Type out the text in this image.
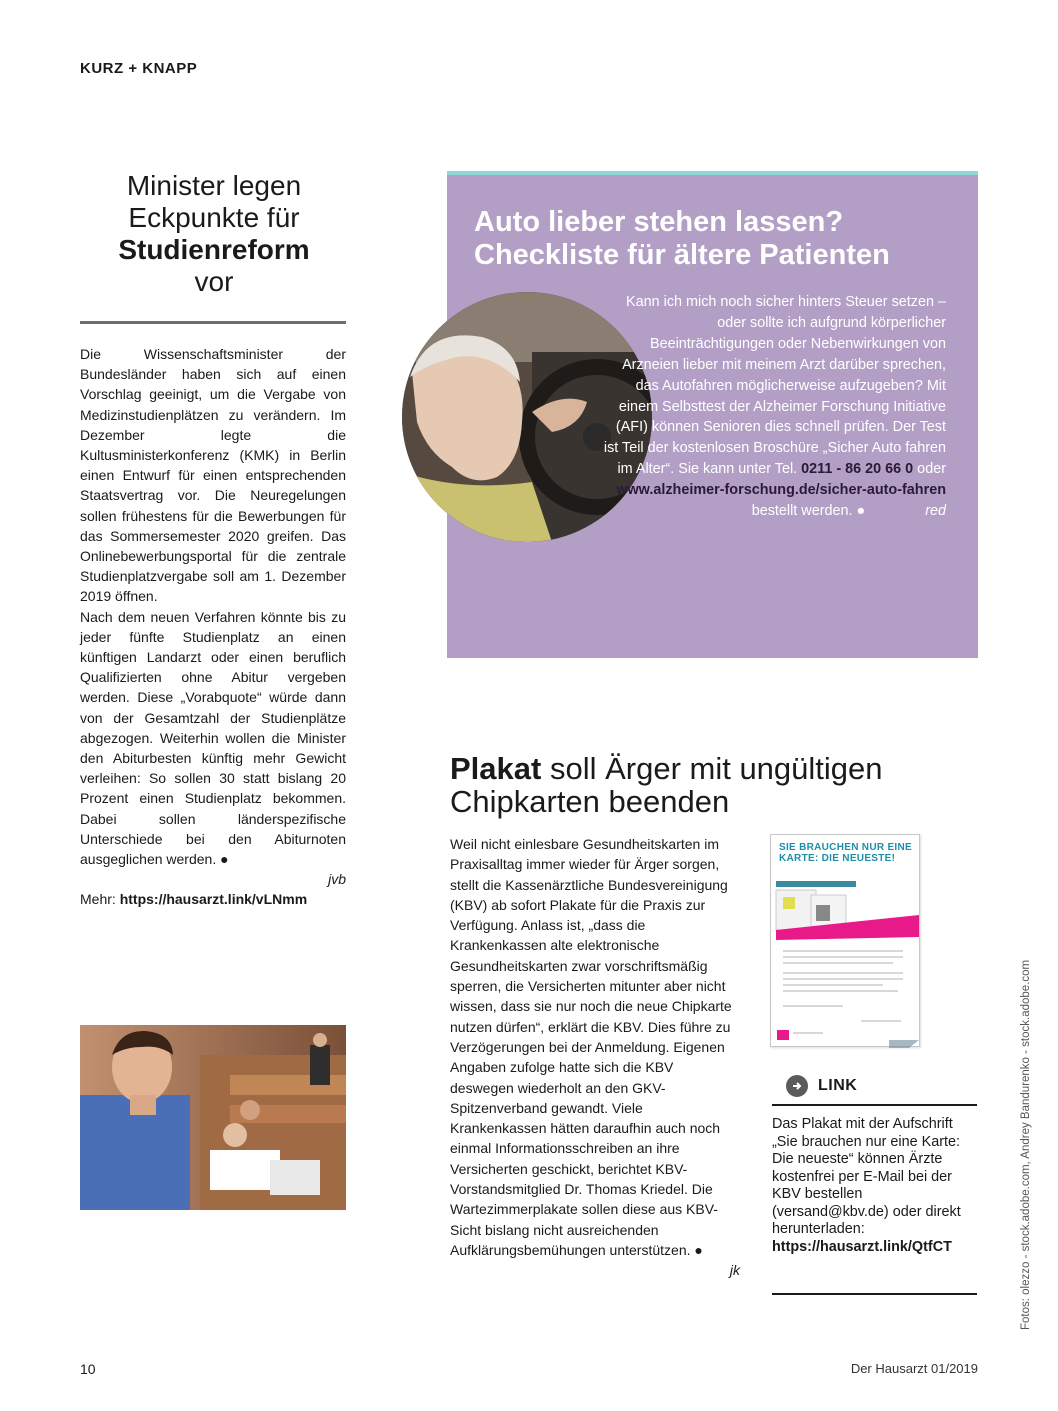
KURZ + KNAPP
Minister legen
Eckpunkte für
Studienreform
vor

Die Wissenschaftsminister der Bundesländer haben sich auf einen Vorschlag geeinigt, um die Vergabe von Medizinstudienplätzen zu verändern. Im Dezember legte die Kultusministerkonferenz (KMK) in Berlin einen Entwurf für einen entsprechenden Staatsvertrag vor. Die Neuregelungen sollen frühestens für die Bewerbungen für das Sommersemester 2020 greifen. Das Onlinebewerbungsportal für die zentrale Studienplatzvergabe soll am 1. Dezember 2019 öffnen.

Nach dem neuen Verfahren könnte bis zu jeder fünfte Studienplatz an einen künftigen Landarzt oder einen beruflich Qualifizierten ohne Abitur vergeben werden. Diese „Vorabquote“ würde dann von der Gesamtzahl der Studienplätze abgezogen. Weiterhin wollen die Minister den Abiturbesten künftig mehr Gewicht verleihen: So sollen 30 statt bislang 20 Prozent einen Studienplatz bekommen. Dabei sollen länderspezifische Unterschiede bei den Abiturnoten ausgeglichen werden. ●

jvb
Mehr: https://hausarzt.link/vLNmm
Auto lieber stehen lassen?
Checkliste für ältere Patienten
Kann ich mich noch sicher hinters Steuer setzen – oder sollte ich aufgrund körperlicher Beeinträchtigungen oder Nebenwirkungen von Arzneien lieber mit meinem Arzt darüber sprechen, das Autofahren möglicherweise aufzugeben? Mit einem Selbsttest der Alzheimer Forschung Initiative (AFI) können Senioren dies schnell prüfen. Der Test ist Teil der kostenlosen Broschüre „Sicher Auto fahren im Alter“. Sie kann unter Tel. 0211 - 86 20 66 0 oder www.alzheimer-forschung.de/sicher-auto-fahren bestellt werden. ●	red
Plakat soll Ärger mit ungültigen Chipkarten beenden

Weil nicht einlesbare Gesundheitskarten im Praxisalltag immer wieder für Ärger sorgen, stellt die Kassenärztliche Bundesvereinigung (KBV) ab sofort Plakate für die Praxis zur Verfügung. Anlass ist, „dass die Krankenkassen alte elektronische Gesundheitskarten zwar vorschriftsmäßig sperren, die Versicherten mitunter aber nicht wissen, dass sie nur noch die neue Chipkarte nutzen dürfen“, erklärt die KBV. Dies führe zu Verzögerungen bei der Anmeldung. Eigenen Angaben zufolge hatte sich die KBV deswegen wiederholt an den GKV-Spitzenverband gewandt. Viele Krankenkassen hätten daraufhin auch noch einmal Informationsschreiben an ihre Versicherten geschickt, berichtet KBV-Vorstandsmitglied Dr. Thomas Kriedel. Die Wartezimmerplakate sollen diese aus KBV-Sicht bislang nicht ausreichenden Aufklärungsbemühungen unterstützen. ●

jk
SIE BRAUCHEN NUR EINE KARTE: DIE NEUESTE!
LINK
Das Plakat mit der Aufschrift „Sie brauchen nur eine Karte: Die neueste“ können Ärzte kostenfrei per E-Mail bei der KBV bestellen (versand@kbv.de) oder direkt herunterladen:
https://hausarzt.link/QtfCT	Fotos: olezzo - stock.adobe.com, Andrey Bandurenko - stock.adobe.com
10	Der Hausarzt 01/2019
